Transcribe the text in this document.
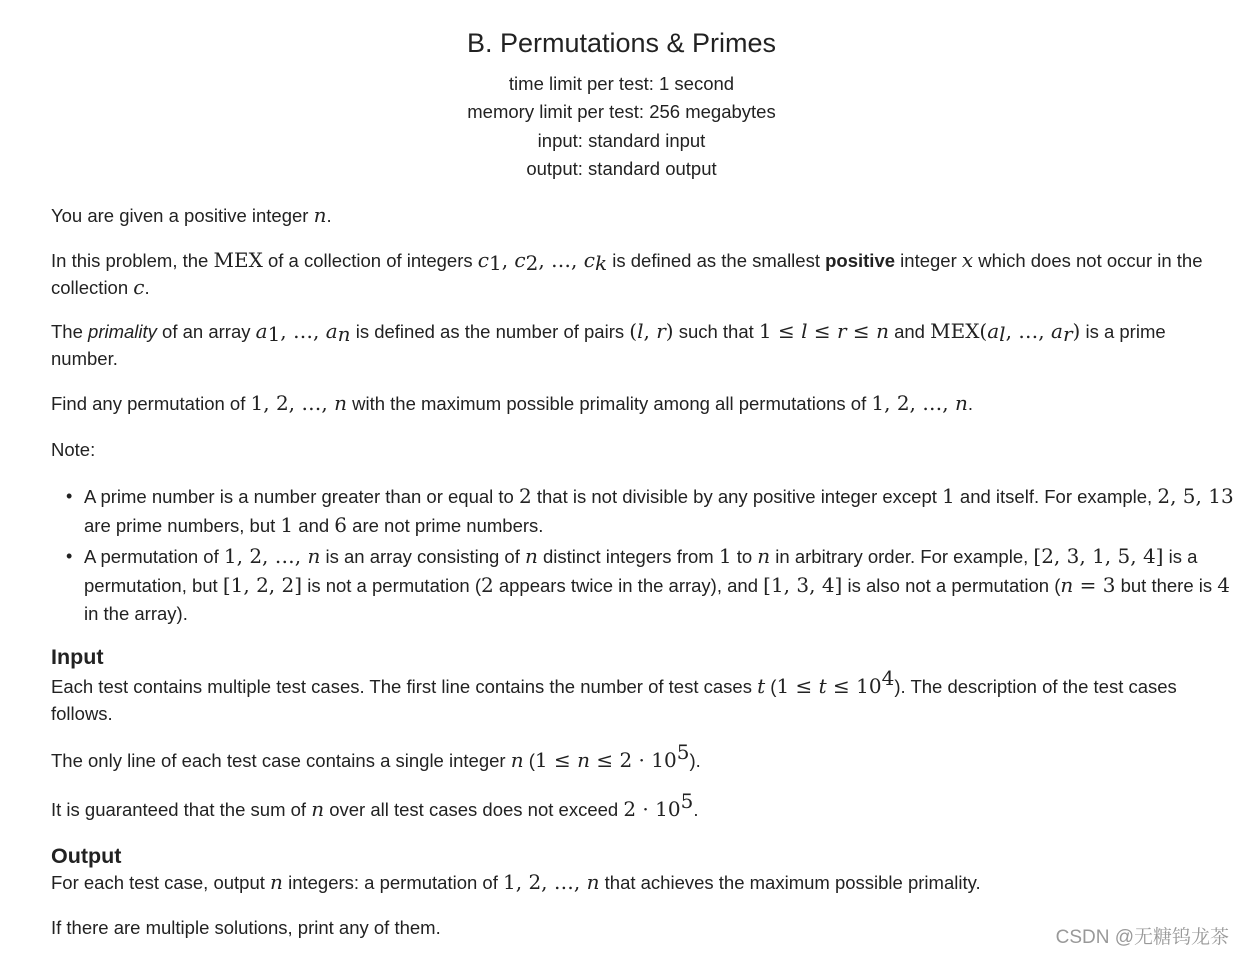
B. Permutations & Primes
time limit per test: 1 second
memory limit per test: 256 megabytes
input: standard input
output: standard output

You are given a positive integer n.

In this problem, the MEX of a collection of integers $c_1$, $c_2$, …, $c_k$ is defined as the smallest positive integer x which does not occur in the collection c.

The primality of an array $a_1$, …, $a_n$ is defined as the number of pairs (l, r) such that 1 ≤ l ≤ r ≤ n and $MEX(a_l$, …, $a_r$) is a prime number.

Find any permutation of 1, 2, …, n with the maximum possible primality among all permutations of 1, 2, …, n.

Note:

• A prime number is a number greater than or equal to 2 that is not divisible by any positive integer except 1 and itself. For example, 2, 5, 13 are prime numbers, but 1 and 6 are not prime numbers.
• A permutation of 1, 2, …, n is an array consisting of n distinct integers from 1 to n in arbitrary order. For example, [2, 3, 1, 5, 4] is a permutation, but [1, 2, 2] is not a permutation (2 appears twice in the array), and [1, 3, 4] is also not a permutation (n = 3 but there is 4 in the array).
Input

Each test contains multiple test cases. The first line contains the number of test cases t $(1 \le t \le 10^4)$. The description of the test cases follows.

The only line of each test case contains a single integer n $(1 \le n \le 2 \cdot 10^5)$.

It is guaranteed that the sum of n over all test cases does not exceed $2 \cdot 10^5$.

Output

For each test case, output n integers: a permutation of 1, 2, …, n that achieves the maximum possible primality.

If there are multiple solutions, print any of them.	CSDN @无糖钨龙茶
